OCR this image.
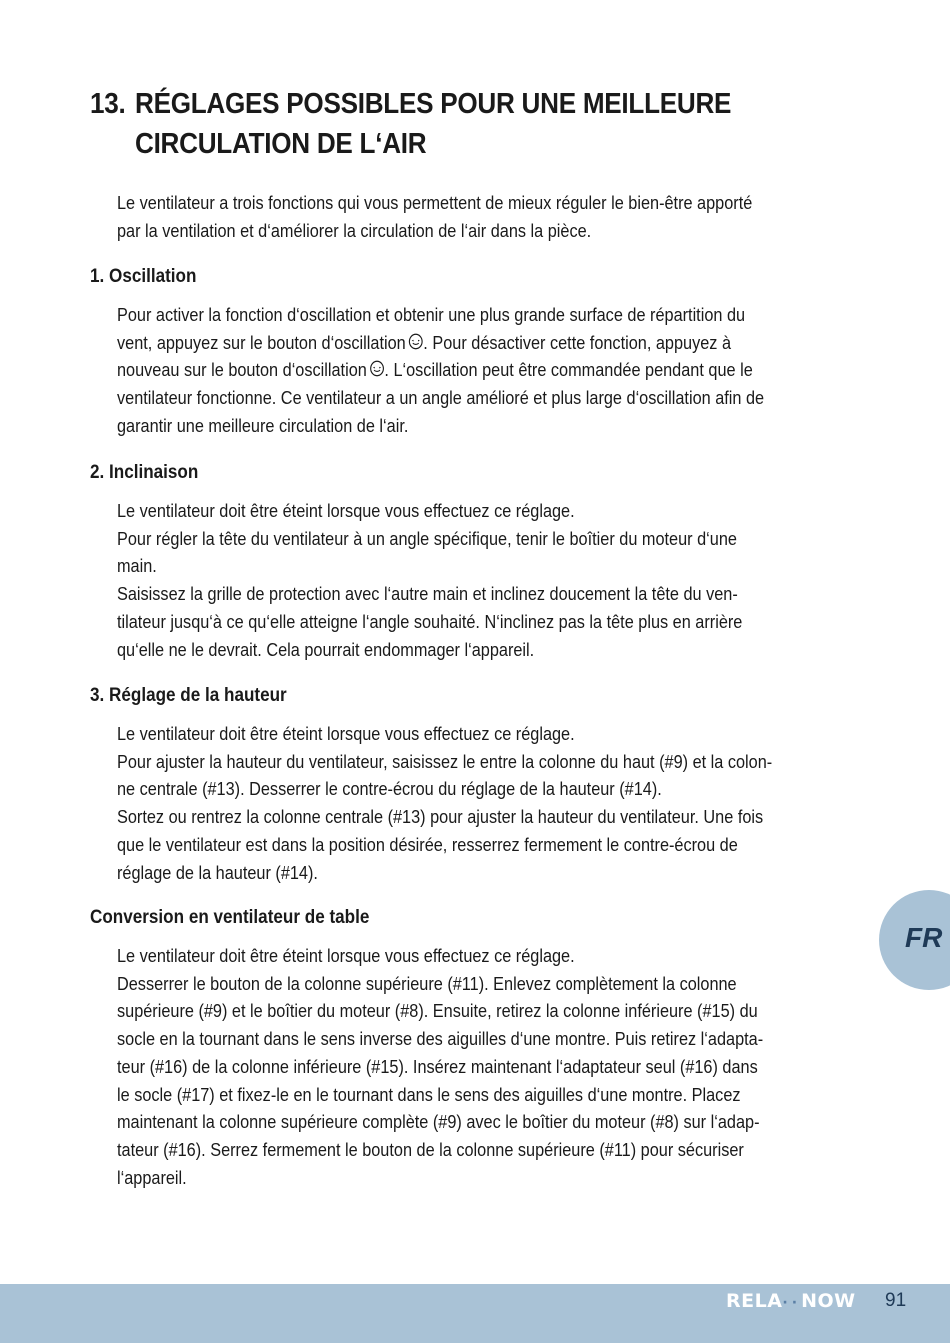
13. RÉGLAGES POSSIBLES POUR UNE MEILLEURE
CIRCULATION DE L‘AIR
Le ventilateur a trois fonctions qui vous permettent de mieux réguler le bien-être apporté
par la ventilation et d‘améliorer la circulation de l‘air dans la pièce.
1. Oscillation
Pour activer la fonction d‘oscillation et obtenir une plus grande surface de répartition du
vent, appuyez sur le bouton d‘oscillation . Pour désactiver cette fonction, appuyez à
nouveau sur le bouton d‘oscillation . L‘oscillation peut être commandée pendant que le
ventilateur fonctionne. Ce ventilateur a un angle amélioré et plus large d‘oscillation afin de
garantir une meilleure circulation de l‘air.
2. Inclinaison
Le ventilateur doit être éteint lorsque vous effectuez ce réglage.
Pour régler la tête du ventilateur à un angle spécifique, tenir le boîtier du moteur d‘une
main.
Saisissez la grille de protection avec l‘autre main et inclinez doucement la tête du ven-
tilateur jusqu‘à ce qu‘elle atteigne l‘angle souhaité. N‘inclinez pas la tête plus en arrière
qu‘elle ne le devrait. Cela pourrait endommager l‘appareil.
3. Réglage de la hauteur
Le ventilateur doit être éteint lorsque vous effectuez ce réglage.
Pour ajuster la hauteur du ventilateur, saisissez le entre la colonne du haut (#9) et la colon-
ne centrale (#13). Desserrer le contre-écrou du réglage de la hauteur (#14).
Sortez ou rentrez la colonne centrale (#13) pour ajuster la hauteur du ventilateur. Une fois
que le ventilateur est dans la position désirée, resserrez fermement le contre-écrou de
réglage de la hauteur (#14).
Conversion en ventilateur de table
Le ventilateur doit être éteint lorsque vous effectuez ce réglage.
Desserrer le bouton de la colonne supérieure (#11). Enlevez complètement la colonne
supérieure (#9) et le boîtier du moteur (#8). Ensuite, retirez la colonne inférieure (#15) du
socle en la tournant dans le sens inverse des aiguilles d‘une montre. Puis retirez l‘adapta-
teur (#16) de la colonne inférieure (#15). Insérez maintenant l‘adaptateur seul (#16) dans
le socle (#17) et fixez-le en le tournant dans le sens des aiguilles d‘une montre. Placez
maintenant la colonne supérieure complète (#9) avec le boîtier du moteur (#8) sur l‘adap-
tateur (#16). Serrez fermement le bouton de la colonne supérieure (#11) pour sécuriser
l‘appareil.
FR
RELA··NOW 91
